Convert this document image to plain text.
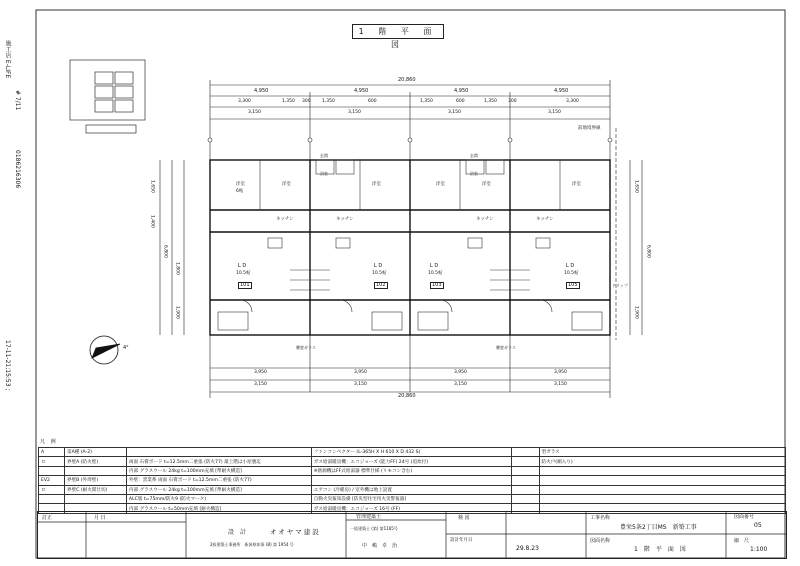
1 階 平 面 図
施工店 E-LIFE
17-11-21;15:53 ;
0186216306
# 7/11
20,860
4,950	4,950	4,950	4,950
3,300	1,350 300	1,350	600	1,350	600	1,350 300	3,300
3,150	3,150	3,150	3,150
20,860
3,950	3,950	3,950	3,950
3,150	3,150	3,150	3,150
1,650
1,400
6,800
1,800
1,900
1,650
6,800
1,900
洋室
6帖
洋室	洋室	洋室	洋室	洋室
キッチン	キッチン	キッチン	キッチン
浴室	浴室
玄関	玄関
L D
10.5帖
101
L D
10.5帖
102
L D
10.5帖
103
L D
10.5帖
105
前地境界線
4°	腰窓ガラス	腰窓ガラス
ドリップ
凡 例
A	第A種 (A-2)		ファンコンベクター (L-365H X H 610 X D 432 S)		型ガラス
ロ	界壁A (防火壁)	両面 石膏ボード t=12.5mm二重張 (防火77) 最上階は小屋裏迄	ガス給湯暖房機：エコジョーズ (能力FF) 24号 (追炊付)		防火戸(網入り)
		内部 グラスウール 24kg t=100mm充填 [準耐火構造]	※熱源機はFF式給湯器 標準仕様 (リモコン含む)		
EV2	界壁B (外周壁)	外壁：窯業系 両面 石膏ボード t=12.5mm二重張 (防火77)			
ロ	界壁C (耐火間仕切)	内部 グラスウール 24kg t=100mm充填 [準耐火構造]	エアコン (冷暖房) / 室外機は地上設置		
		ALC版 t=75mm/防火9 (防火マーク)	自動火災報知設備 [防災型住宅用火災警報器]		
		内部 グラスウール t=50mm充填 [耐火構造]	ガス給湯暖房機：エコジョーズ 16号 (FF)		
訂正	月 日
設　計	オオヤマ建設
2級建築士事務所　新潟県知事 (B) 第 1954 号
管理建築士
一級建築士 (第) 第1165号
中　嶋　卓　治
検 図
設計年月日
29.8.23
工事名称
豊栄5条2丁目MS　新築工事
図面名称
1　階　平　面　図
図面番号
05
縮　尺
1:100
